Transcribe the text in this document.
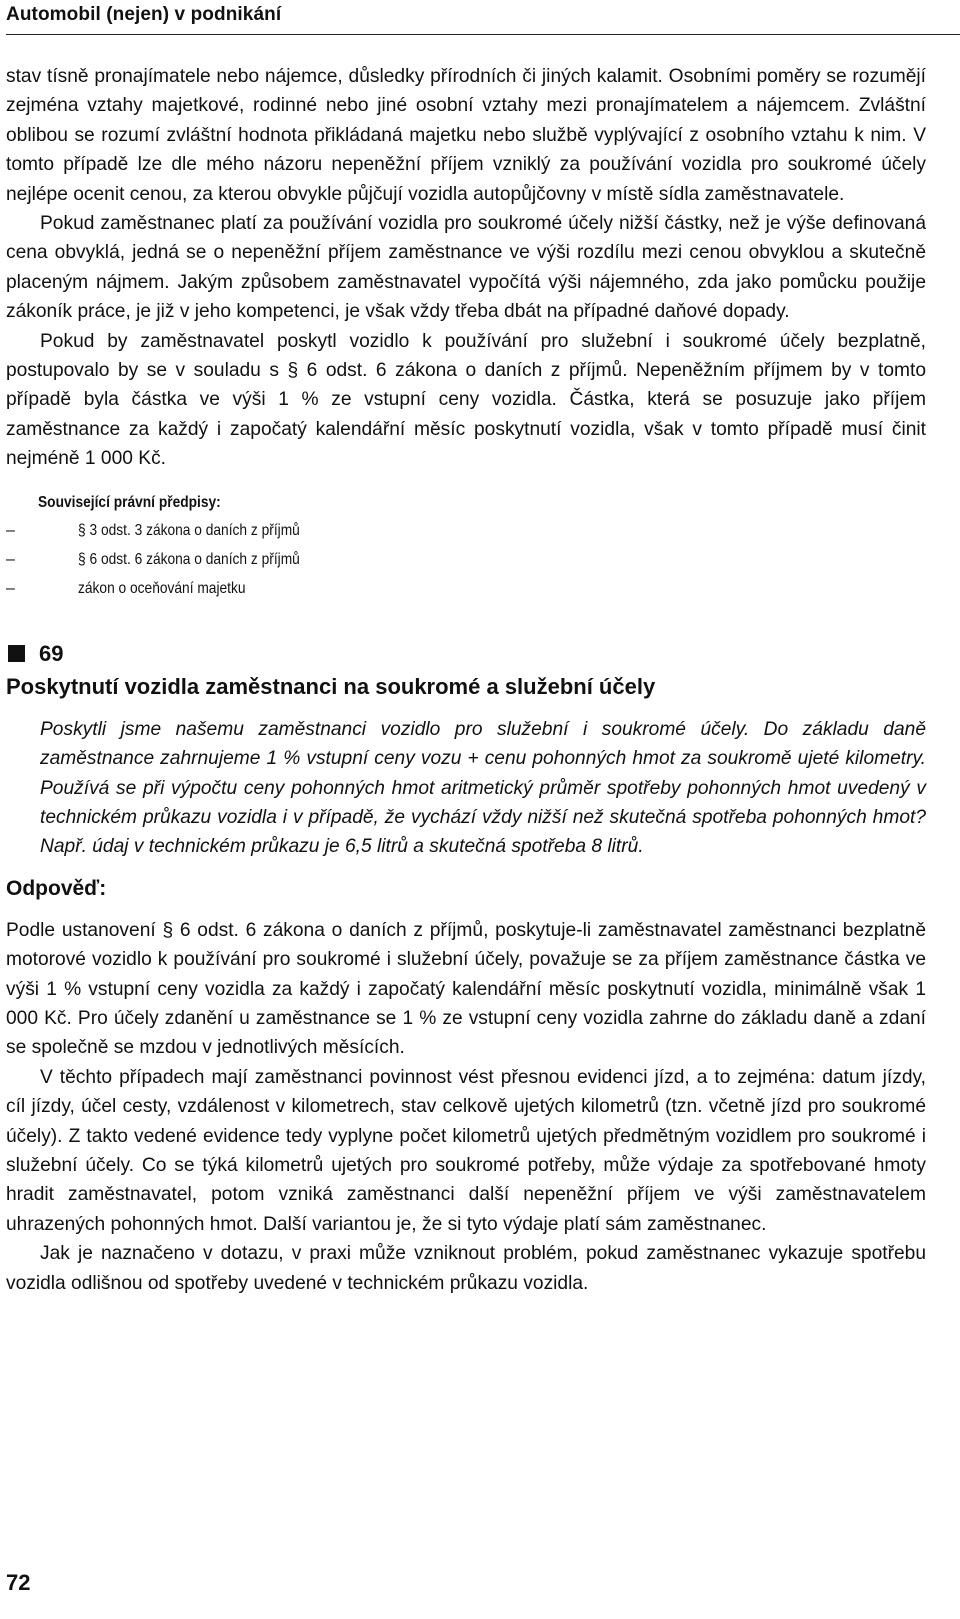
Automobil (nejen) v podnikání

stav tísně pronajímatele nebo nájemce, důsledky přírodních či jiných kalamit. Osobními poměry se rozumějí zejména vztahy majetkové, rodinné nebo jiné osobní vztahy mezi pronajímatelem a nájemcem. Zvláštní oblibou se rozumí zvláštní hodnota přikládaná majetku nebo službě vyplývající z osobního vztahu k nim. V tomto případě lze dle mého názoru nepeněžní příjem vzniklý za používání vozidla pro soukromé účely nejlépe ocenit cenou, za kterou obvykle půjčují vozidla autopůjčovny v místě sídla zaměstnavatele.

Pokud zaměstnanec platí za používání vozidla pro soukromé účely nižší částky, než je výše definovaná cena obvyklá, jedná se o nepeněžní příjem zaměstnance ve výši rozdílu mezi cenou obvyklou a skutečně placeným nájmem. Jakým způsobem zaměstnavatel vypočítá výši nájemného, zda jako pomůcku použije zákoník práce, je již v jeho kompetenci, je však vždy třeba dbát na případné daňové dopady.

Pokud by zaměstnavatel poskytl vozidlo k používání pro služební i soukromé účely bezplatně, postupovalo by se v souladu s § 6 odst. 6 zákona o daních z příjmů. Nepeněžním příjmem by v tomto případě byla částka ve výši 1 % ze vstupní ceny vozidla. Částka, která se posuzuje jako příjem zaměstnance za každý i započatý kalendářní měsíc poskytnutí vozidla, však v tomto případě musí činit nejméně 1 000 Kč.

Související právní předpisy:
–	§ 3 odst. 3 zákona o daních z příjmů
–	§ 6 odst. 6 zákona o daních z příjmů
–	zákon o oceňování majetku
69
Poskytnutí vozidla zaměstnanci na soukromé a služební účely

Poskytli jsme našemu zaměstnanci vozidlo pro služební i soukromé účely. Do základu daně zaměstnance zahrnujeme 1 % vstupní ceny vozu + cenu pohonných hmot za soukromě ujeté kilometry. Používá se při výpočtu ceny pohonných hmot aritmetický průměr spotřeby pohonných hmot uvedený v technickém průkazu vozidla i v případě, že vychází vždy nižší než skutečná spotřeba pohonných hmot? Např. údaj v technickém průkazu je 6,5 litrů a skutečná spotřeba 8 litrů.

Odpověď:

Podle ustanovení § 6 odst. 6 zákona o daních z příjmů, poskytuje-li zaměstnavatel zaměstnanci bezplatně motorové vozidlo k používání pro soukromé i služební účely, považuje se za příjem zaměstnance částka ve výši 1 % vstupní ceny vozidla za každý i započatý kalendářní měsíc poskytnutí vozidla, minimálně však 1 000 Kč. Pro účely zdanění u zaměstnance se 1 % ze vstupní ceny vozidla zahrne do základu daně a zdaní se společně se mzdou v jednotlivých měsících.

V těchto případech mají zaměstnanci povinnost vést přesnou evidenci jízd, a to zejména: datum jízdy, cíl jízdy, účel cesty, vzdálenost v kilometrech, stav celkově ujetých kilometrů (tzn. včetně jízd pro soukromé účely). Z takto vedené evidence tedy vyplyne počet kilometrů ujetých předmětným vozidlem pro soukromé i služební účely. Co se týká kilometrů ujetých pro soukromé potřeby, může výdaje za spotřebované hmoty hradit zaměstnavatel, potom vzniká zaměstnanci další nepeněžní příjem ve výši zaměstnavatelem uhrazených pohonných hmot. Další variantou je, že si tyto výdaje platí sám zaměstnanec.

Jak je naznačeno v dotazu, v praxi může vzniknout problém, pokud zaměstnanec vykazuje spotřebu vozidla odlišnou od spotřeby uvedené v technickém průkazu vozidla.

72
